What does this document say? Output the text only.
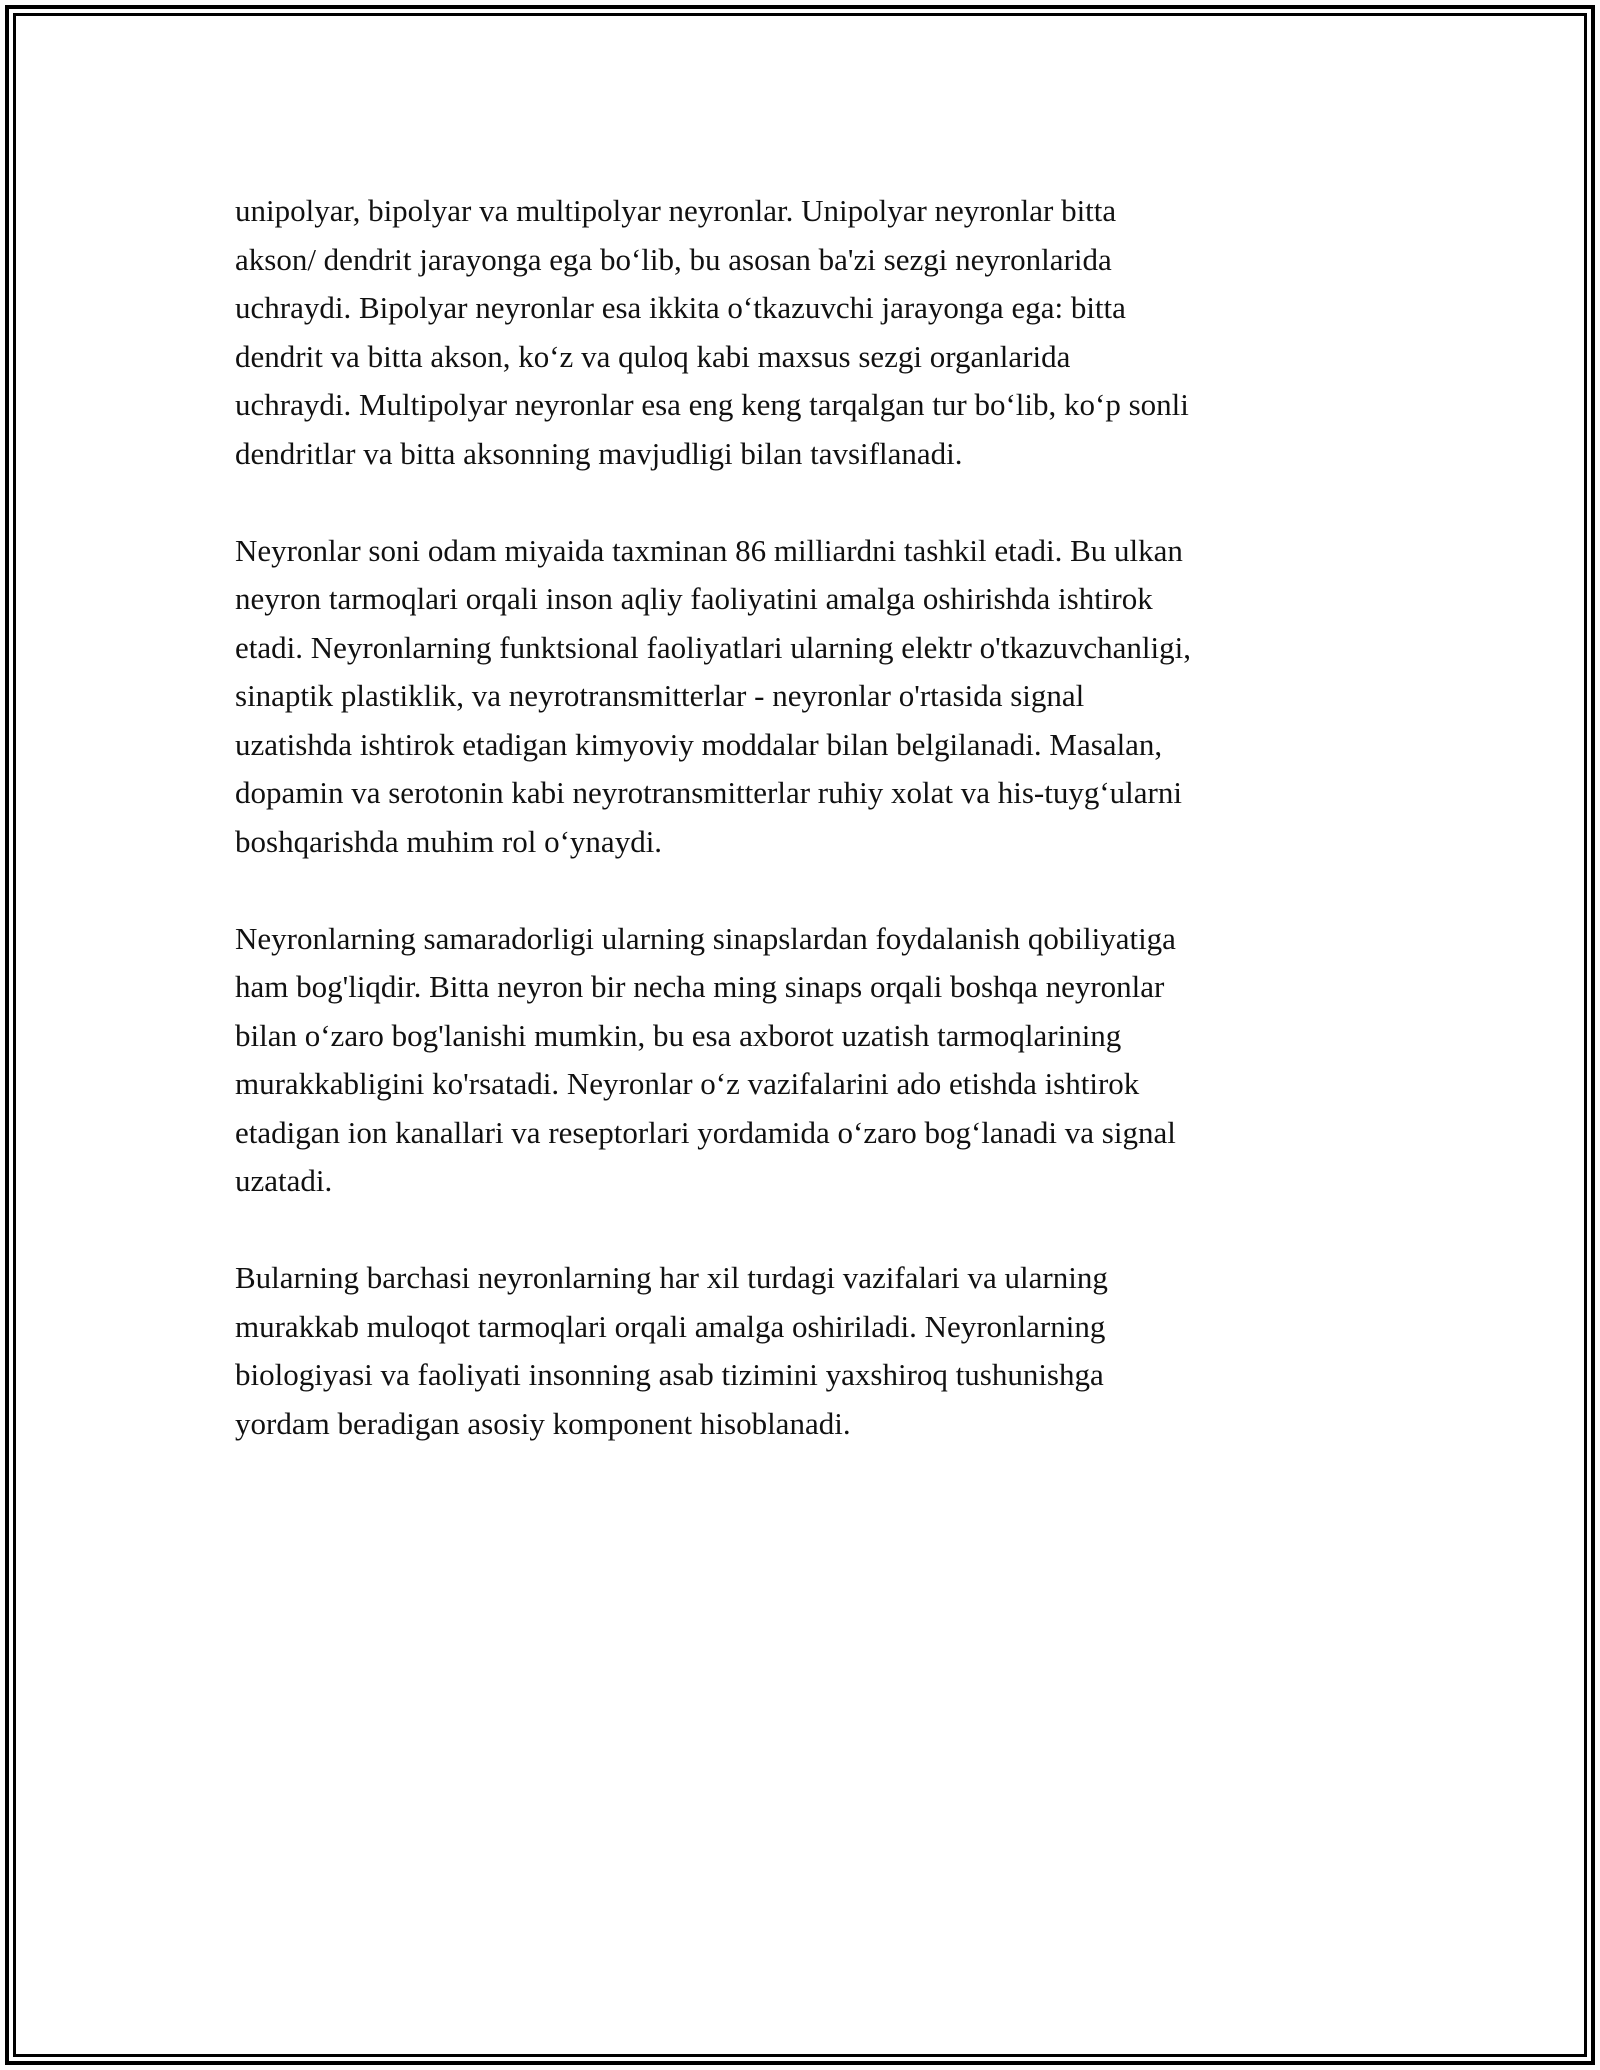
unipolyar, bipolyar va multipolyar neyronlar. Unipolyar neyronlar bitta
akson/ dendrit jarayonga ega bo‘lib, bu asosan ba'zi sezgi neyronlarida
uchraydi. Bipolyar neyronlar esa ikkita o‘tkazuvchi jarayonga ega: bitta
dendrit va bitta akson, ko‘z va quloq kabi maxsus sezgi organlarida
uchraydi. Multipolyar neyronlar esa eng keng tarqalgan tur bo‘lib, ko‘p sonli
dendritlar va bitta aksonning mavjudligi bilan tavsiflanadi.

Neyronlar soni odam miyaida taxminan 86 milliardni tashkil etadi. Bu ulkan
neyron tarmoqlari orqali inson aqliy faoliyatini amalga oshirishda ishtirok
etadi. Neyronlarning funktsional faoliyatlari ularning elektr o'tkazuvchanligi,
sinaptik plastiklik, va neyrotransmitterlar - neyronlar o'rtasida signal
uzatishda ishtirok etadigan kimyoviy moddalar bilan belgilanadi. Masalan,
dopamin va serotonin kabi neyrotransmitterlar ruhiy xolat va his-tuyg‘ularni
boshqarishda muhim rol o‘ynaydi.

Neyronlarning samaradorligi ularning sinapslardan foydalanish qobiliyatiga
ham bog'liqdir. Bitta neyron bir necha ming sinaps orqali boshqa neyronlar
bilan o‘zaro bog'lanishi mumkin, bu esa axborot uzatish tarmoqlarining
murakkabligini ko'rsatadi. Neyronlar o‘z vazifalarini ado etishda ishtirok
etadigan ion kanallari va reseptorlari yordamida o‘zaro bog‘lanadi va signal
uzatadi.

Bularning barchasi neyronlarning har xil turdagi vazifalari va ularning
murakkab muloqot tarmoqlari orqali amalga oshiriladi. Neyronlarning
biologiyasi va faoliyati insonning asab tizimini yaxshiroq tushunishga
yordam beradigan asosiy komponent hisoblanadi.
